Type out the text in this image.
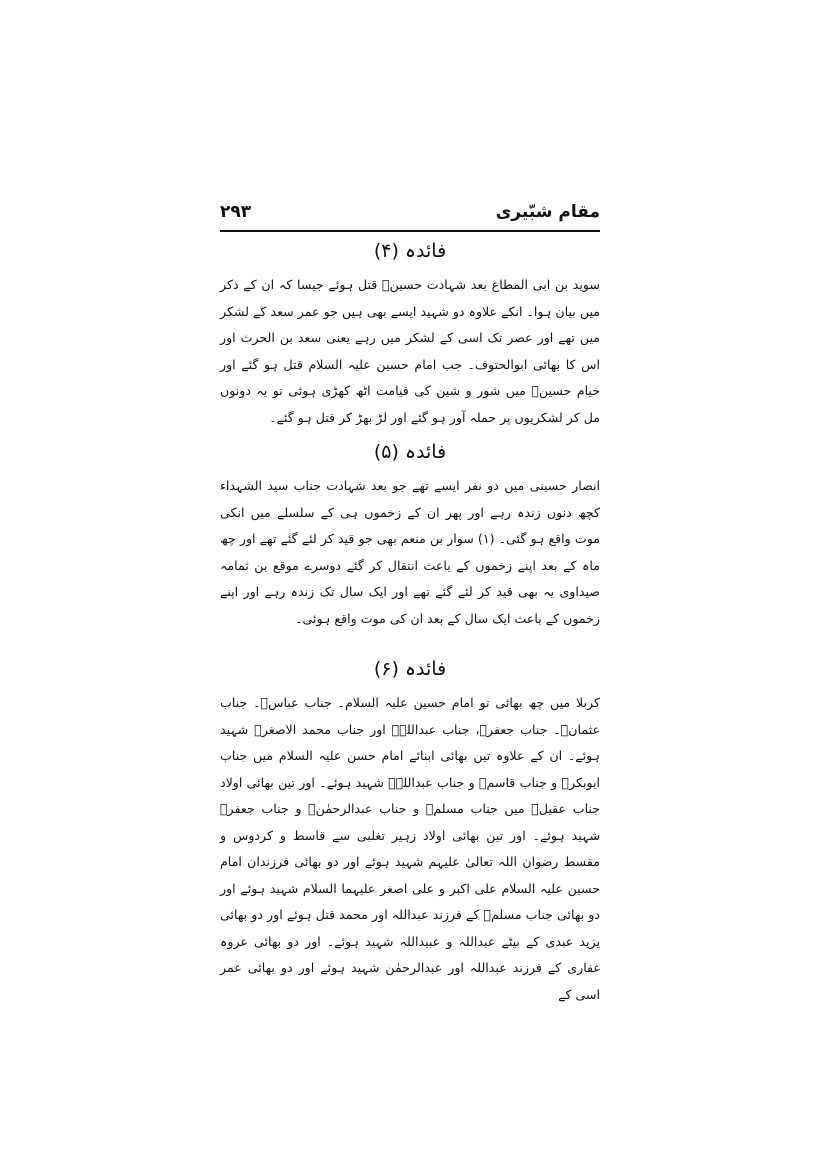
مقام شبّیری
۲۹۳
فائدہ (۴)

سوید بن ابی المطاع بعد شہادت حسینؑ قتل ہوئے جیسا کہ ان کے ذکر میں بیان ہوا۔ انکے علاوہ دو شہید ایسے بھی ہیں جو عمر سعد کے لشکر میں تھے اور عصر تک اسی کے لشکر میں رہے یعنی سعد بن الحرث اور اس کا بھائی ابوالحتوف۔ جب امام حسین علیہ السلام قتل ہو گئے اور خیام حسینؑ میں شور و شین کی قیامت اٹھ کھڑی ہوئی تو یہ دونوں مل کر لشکریوں پر حملہ آور ہو گئے اور لڑ بھڑ کر قتل ہو گئے۔

فائدہ (۵)

انصار حسینی میں دو نفر ایسے تھے جو بعد شہادت جناب سید الشہداء کچھ دنوں زندہ رہے اور پھر ان کے زخموں ہی کے سلسلے میں انکی موت واقع ہو گئی۔ (۱) سوار بن منعم بھی جو قید کر لئے گئے تھے اور چھ ماہ کے بعد اپنے زخموں کے باعث انتقال کر گئے دوسرے موقع بن ثمامہ صیداوی یہ بھی قید کر لئے گئے تھے اور ایک سال تک زندہ رہے اور اپنے زخموں کے باعث ایک سال کے بعد ان کی موت واقع ہوئی۔

فائدہ (۶)

کربلا میں چھ بھائی تو امام حسین علیہ السلام۔ جناب عباسؑ۔ جناب عثمانؑ۔ جناب جعفرؑ، جناب عبداللہؑ اور جناب محمد الاصغرؑ شہید ہوئے۔ ان کے علاوہ تین بھائی ابنائے امام حسن علیہ السلام میں جناب ابوبکرؑ و جناب قاسمؑ و جناب عبداللہؑ شہید ہوئے۔ اور تین بھائی اولاد جناب عقیلؑ میں جناب مسلمؑ و جناب عبدالرحمٰنؑ و جناب جعفرؑ شہید ہوئے۔ اور تین بھائی اولاد زہیر تغلبی سے قاسط و کردوس و مقسط رضوان اللہ تعالیٰ علیہم شہید ہوئے اور دو بھائی فرزندان امام حسین علیہ السلام علی اکبر و علی اصغر علیہما السلام شہید ہوئے اور دو بھائی جناب مسلمؑ کے فرزند عبداللہ اور محمد قتل ہوئے اور دو بھائی یزید عبدی کے بیٹے عبداللہ و عبیداللہ شہید ہوئے۔ اور دو بھائی عروہ غفاری کے فرزند عبداللہ اور عبدالرحمٰن شہید ہوئے اور دو بھائی عمر اسی کے
